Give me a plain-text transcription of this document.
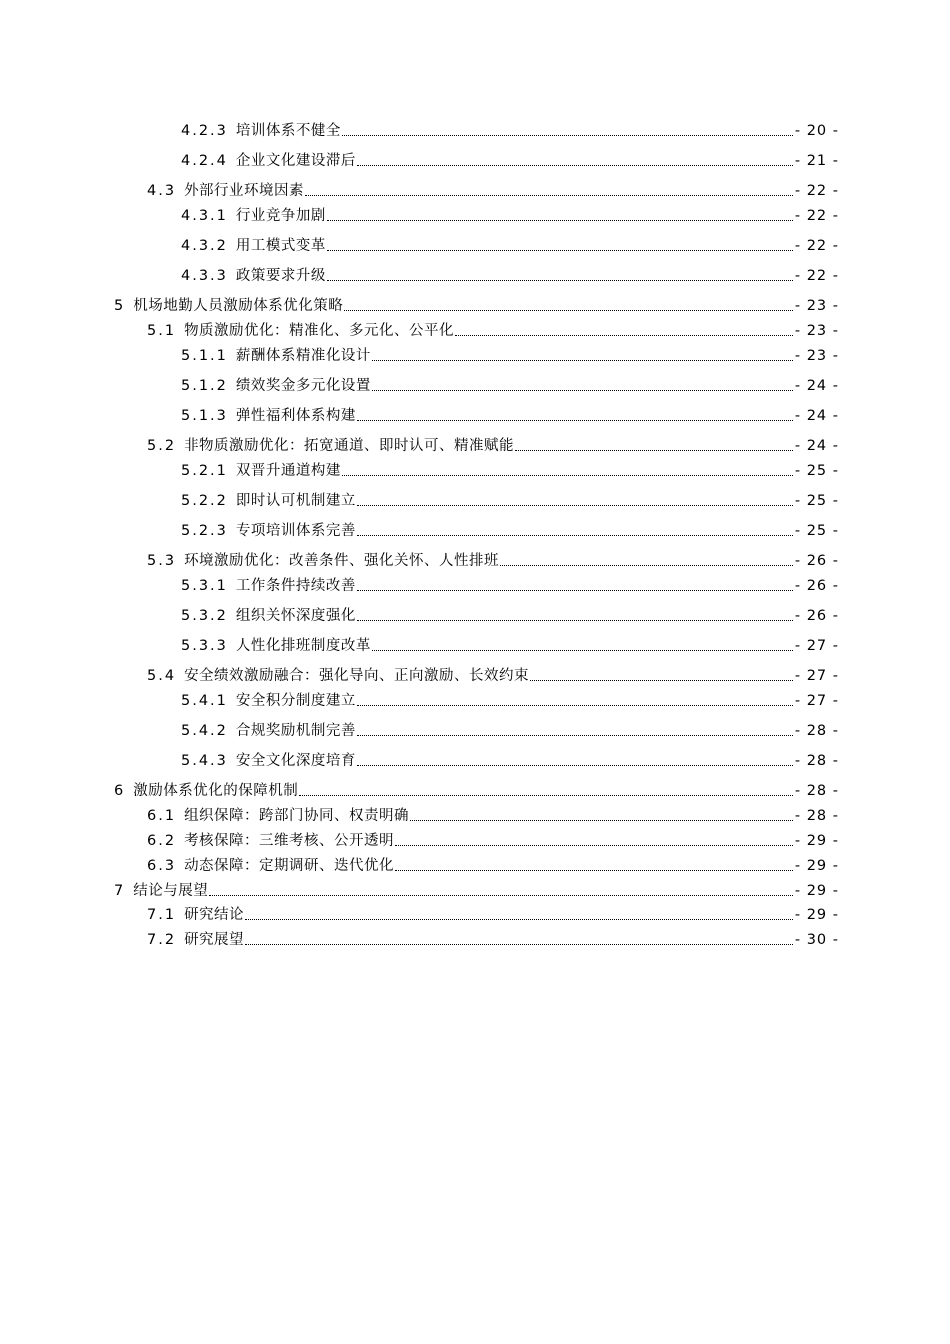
4.2.3 培训体系不健全	- 20 -
4.2.4 企业文化建设滞后	- 21 -
4.3 外部行业环境因素	- 22 -
4.3.1 行业竞争加剧	- 22 -
4.3.2 用工模式变革	- 22 -
4.3.3 政策要求升级	- 22 -
5 机场地勤人员激励体系优化策略	- 23 -
5.1 物质激励优化：精准化、多元化、公平化	- 23 -
5.1.1 薪酬体系精准化设计	- 23 -
5.1.2 绩效奖金多元化设置	- 24 -
5.1.3 弹性福利体系构建	- 24 -
5.2 非物质激励优化：拓宽通道、即时认可、精准赋能	- 24 -
5.2.1 双晋升通道构建	- 25 -
5.2.2 即时认可机制建立	- 25 -
5.2.3 专项培训体系完善	- 25 -
5.3 环境激励优化：改善条件、强化关怀、人性排班	- 26 -
5.3.1 工作条件持续改善	- 26 -
5.3.2 组织关怀深度强化	- 26 -
5.3.3 人性化排班制度改革	- 27 -
5.4 安全绩效激励融合：强化导向、正向激励、长效约束	- 27 -
5.4.1 安全积分制度建立	- 27 -
5.4.2 合规奖励机制完善	- 28 -
5.4.3 安全文化深度培育	- 28 -
6 激励体系优化的保障机制	- 28 -
6.1 组织保障：跨部门协同、权责明确	- 28 -
6.2 考核保障：三维考核、公开透明	- 29 -
6.3 动态保障：定期调研、迭代优化	- 29 -
7 结论与展望	- 29 -
7.1 研究结论	- 29 -
7.2 研究展望	- 30 -
